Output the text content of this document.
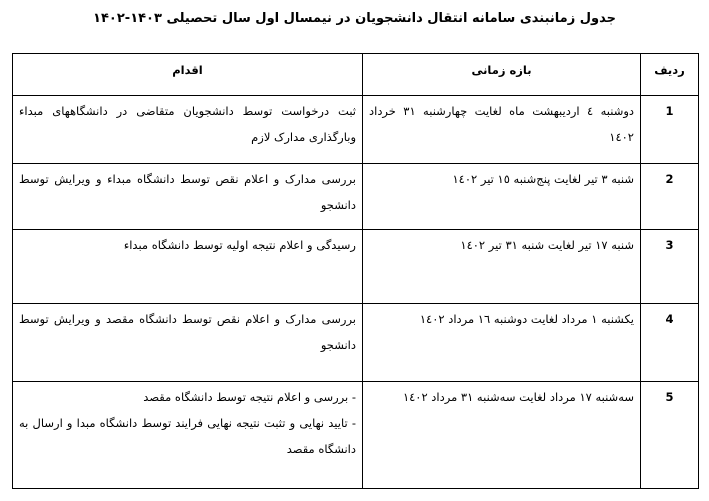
جدول زمانبندی سامانه انتقال دانشجویان در نیمسال اول سال تحصیلی ۱۴۰۳-۱۴۰۲
ردیف	بازه زمانی	اقدام
1	دوشنبه ٤ اردیبهشت ماه لغایت چهارشنبه ۳۱ خرداد ۱٤۰۲	ثبت درخواست توسط دانشجویان متقاضی در دانشگاههای مبداء وبارگذاری مدارک لازم
2	شنبه ۳ تیر لغایت پنج‌شنبه ١٥ تیر ۱٤۰۲	بررسی مدارک و اعلام نقص توسط دانشگاه مبداء و ویرایش توسط دانشجو
3	شنبه ۱۷ تیر لغایت شنبه ۳۱ تیر ۱٤۰۲	رسیدگی و اعلام نتیجه اولیه توسط دانشگاه مبداء
4	یکشنبه ۱ مرداد لغایت دوشنبه ١٦ مرداد ۱٤۰۲	بررسی مدارک و اعلام نقص توسط دانشگاه مقصد و ویرایش توسط دانشجو
5	سه‌شنبه ۱۷ مرداد لغایت سه‌شنبه ۳۱ مرداد ۱٤۰۲	- بررسی و اعلام نتیجه توسط دانشگاه مقصد
- تایید نهایی و تثبت نتیجه نهایی فرایند توسط دانشگاه مبدا و ارسال به دانشگاه مقصد
